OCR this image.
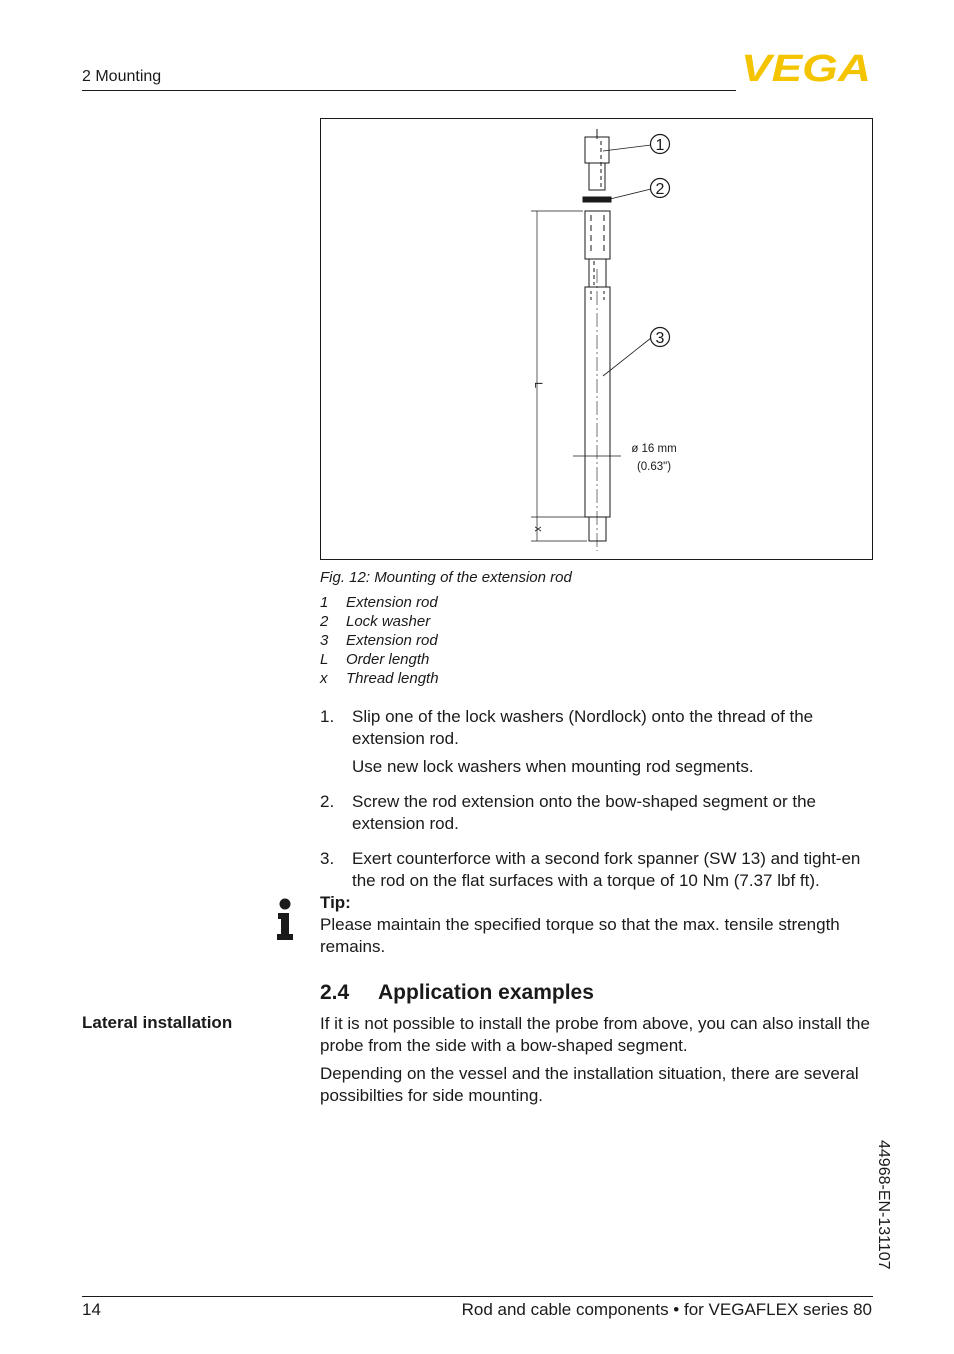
2 Mounting	VEGA
1
2
3
L
x
ø 16 mm
(0.63")
Fig. 12: Mounting of the extension rod
1	Extension rod
2	Lock washer
3	Extension rod
L	Order length
x	Thread length
1.	Slip one of the lock washers (Nordlock) onto the thread of the extension rod.

Use new lock washers when mounting rod segments.

2.	Screw the rod extension onto the bow-shaped segment or the extension rod.

3.	Exert counterforce with a second fork spanner (SW 13) and tight-en the rod on the flat surfaces with a torque of 10 Nm (7.37 lbf ft).

Tip:
Please maintain the specified torque so that the max. tensile strength remains.
2.4 Application examples
Lateral installation	If it is not possible to install the probe from above, you can also install the probe from the side with a bow-shaped segment.

Depending on the vessel and the installation situation, there are several possibilties for side mounting.

44968-EN-131107
14	Rod and cable components • for VEGAFLEX series 80
